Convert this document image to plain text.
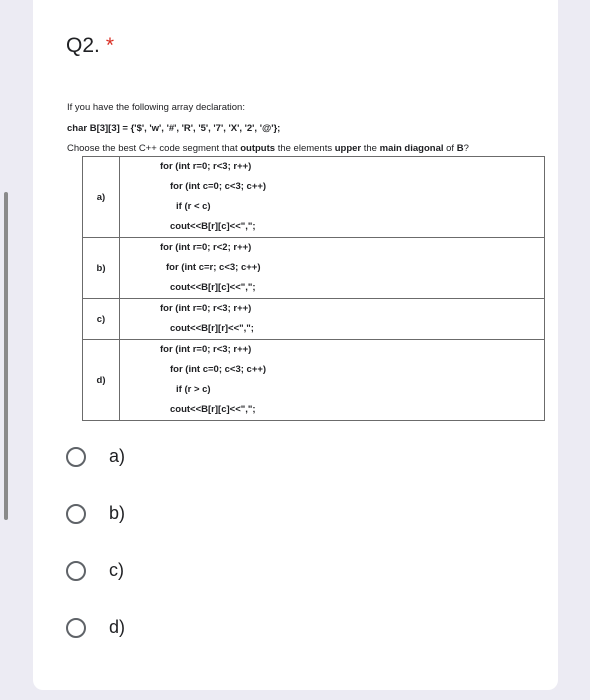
Q2. *
If you have the following array declaration:
char B[3][3] = {'$', 'w', '#', 'R', '5', '7', 'X', '2', '@'};
Choose the best C++ code segment that outputs the elements upper the main diagonal of B?
a)	for (int r=0; r<3; r++)
for (int c=0; c<3; c++)
if (r < c)
cout<<B[r][c]<<",";

b)	for (int r=0; r<2; r++)
for (int c=r; c<3; c++)
cout<<B[r][c]<<",";

c)	for (int r=0; r<3; r++)
cout<<B[r][r]<<",";

d)	for (int r=0; r<3; r++)
for (int c=0; c<3; c++)
if (r > c)
cout<<B[r][c]<<",";
a)
b)
c)
d)
